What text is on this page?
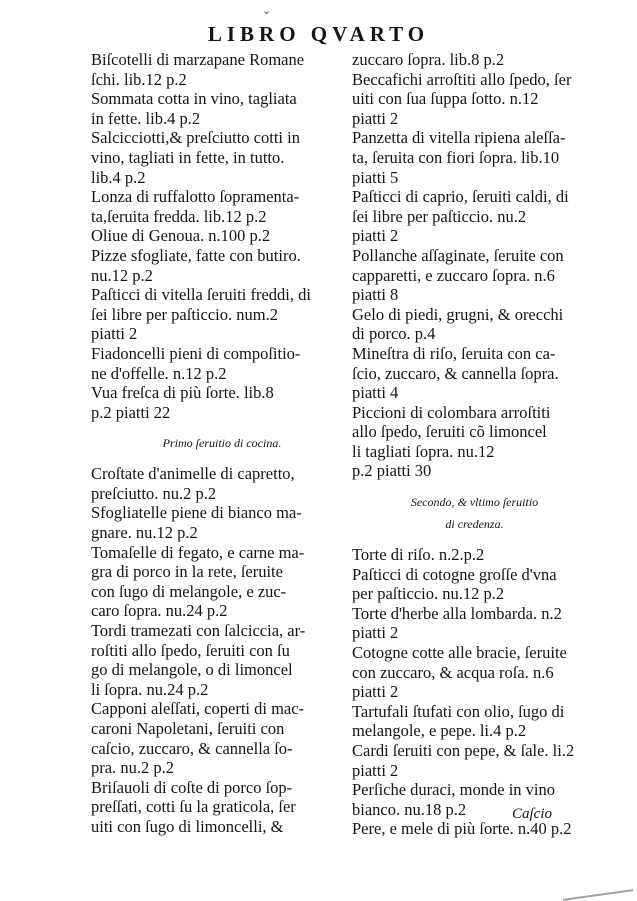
⌄
LIBRO QVARTO
Biſcotelli di marzapane Romane
ſchi. lib.12 p.2
Sommata cotta in vino, tagliata
in fette. lib.4 p.2
Salcicciotti,& preſciutto cotti in
vino, tagliati in fette, in tutto.
lib.4 p.2
Lonza di ruffalotto ſopramenta-
ta,ſeruita fredda. lib.12 p.2
Oliue di Genoua. n.100 p.2
Pizze sfogliate, fatte con butiro.
nu.12 p.2
Paſticci di vitella ſeruiti freddi, di
ſei libre per paſticcio. num.2
piatti 2
Fiadoncelli pieni di compoſitio-
ne d'offelle. n.12 p.2
Vua freſca di più ſorte. lib.8
p.2 piatti 22
Primo ſeruitio di cocina.
Croſtate d'animelle di capretto,
preſciutto. nu.2 p.2
Sfogliatelle piene di bianco ma-
gnare. nu.12 p.2
Tomaſelle di fegato, e carne ma-
gra di porco in la rete, ſeruite
con ſugo di melangole, e zuc-
caro ſopra. nu.24 p.2
Tordi tramezati con ſalciccia, ar-
roſtiti allo ſpedo, ſeruiti con ſu
go di melangole, o di limoncel
li ſopra. nu.24 p.2
Capponi aleſſati, coperti di mac-
caroni Napoletani, ſeruiti con
caſcio, zuccaro, & cannella ſo-
pra. nu.2 p.2
Briſauoli di coſte di porco ſop-
preſſati, cotti ſu la graticola, ſer
uiti con ſugo di limoncelli, &
zuccaro ſopra. lib.8 p.2
Beccafichi arroſtiti allo ſpedo, ſer
uiti con ſua ſuppa ſotto. n.12
piatti 2
Panzetta di vitella ripiena aleſſa-
ta, ſeruita con fiori ſopra. lib.10
piatti 5
Paſticci di caprio, ſeruiti caldi, di
ſei libre per paſticcio. nu.2
piatti 2
Pollanche aſſaginate, ſeruite con
capparetti, e zuccaro ſopra. n.6
piatti 8
Gelo di piedi, grugni, & orecchi
di porco. p.4
Mineſtra di riſo, ſeruita con ca-
ſcio, zuccaro, & cannella ſopra.
piatti 4
Piccioni di colombara arroſtiti
allo ſpedo, ſeruiti cõ limoncel
li tagliati ſopra. nu.12
p.2 piatti 30
Secondo, & vltimo ſeruitio
di credenza.
Torte di riſo. n.2.p.2
Paſticci di cotogne groſſe d'vna
per paſticcio. nu.12 p.2
Torte d'herbe alla lombarda. n.2
piatti 2
Cotogne cotte alle bracie, ſeruite
con zuccaro, & acqua roſa. n.6
piatti 2
Tartufali ſtufati con olio, ſugo di
melangole, e pepe. li.4 p.2
Cardi ſeruiti con pepe, & ſale. li.2
piatti 2
Perſiche duraci, monde in vino
bianco. nu.18 p.2
Pere, e mele di più ſorte. n.40 p.2
Caſcio
